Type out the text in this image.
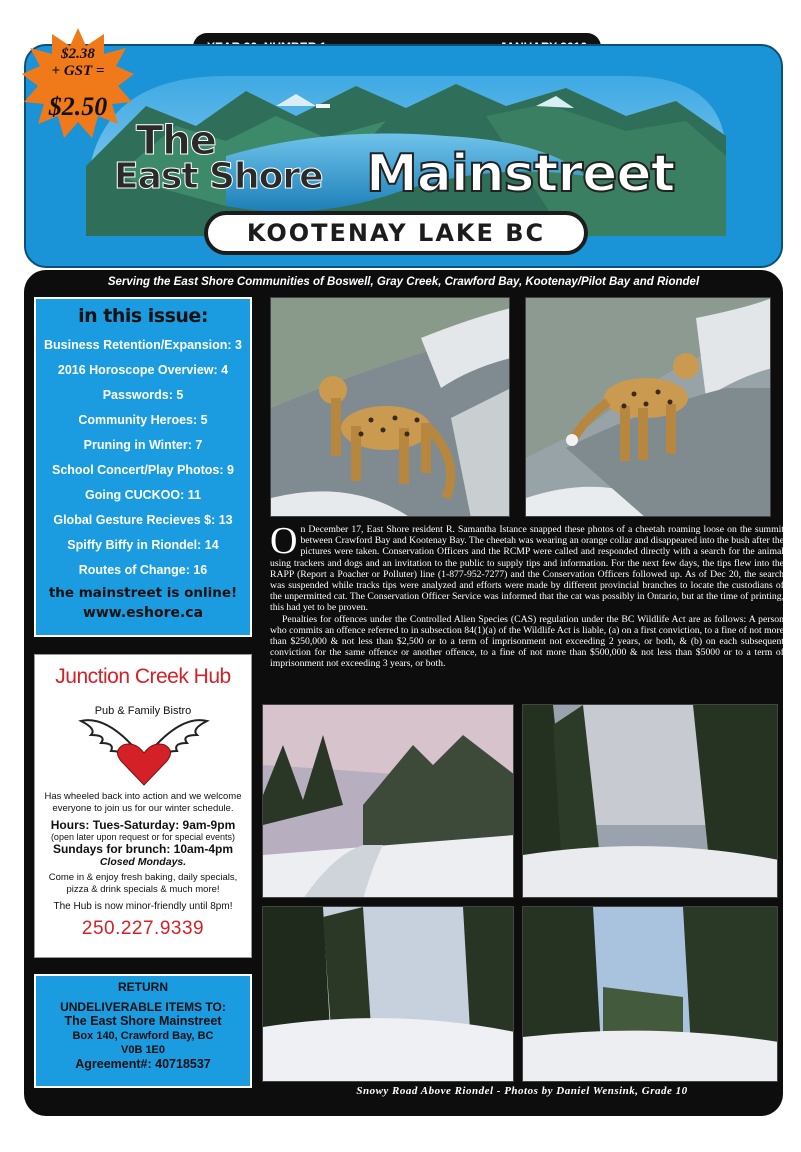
The
East Shore Mainstreet
KOOTENAY LAKE BC
$2.38
+ GST =
$2.50
Serving the East Shore Communities of Boswell, Gray Creek, Crawford Bay, Kootenay/Pilot Bay and Riondel
in this issue:
Business Retention/Expansion: 3
2016 Horoscope Overview: 4
Passwords: 5
Community Heroes: 5
Pruning in Winter: 7
School Concert/Play Photos: 9
Going CUCKOO: 11
Global Gesture Recieves $: 13
Spiffy Biffy in Riondel: 14
Routes of Change: 16
the mainstreet is online!
www.eshore.ca
Junction Creek Hub
Pub & Family Bistro
Has wheeled back into action and we welcome everyone to join us for our winter schedule.
Hours: Tues-Saturday: 9am-9pm
(open later upon request or for special events)
Sundays for brunch: 10am-4pm
Closed Mondays.
Come in & enjoy fresh baking, daily specials, pizza & drink specials & much more!
The Hub is now minor-friendly until 8pm!
250.227.9339
RETURN
UNDELIVERABLE ITEMS TO:
The East Shore Mainstreet
Box 140, Crawford Bay, BC
V0B 1E0
Agreement#: 40718537

On December 17, East Shore resident R. Samantha Istance snapped these photos of a cheetah roaming loose on the summit between Crawford Bay and Kootenay Bay. The cheetah was wearing an orange collar and disappeared into the bush after the pictures were taken. Conservation Officers and the RCMP were called and responded directly with a search for the animal using trackers and dogs and an invitation to the public to supply tips and information. For the next few days, the tips flew into the RAPP (Report a Poacher or Polluter) line (1-877-952-7277) and the Conservation Officers followed up. As of Dec 20, the search was suspended while tracks tips were analyzed and efforts were made by different provincial branches to locate the custodians of the unpermitted cat. The Conservation Officer Service was informed that the cat was possibly in Ontario, but at the time of printing, this had yet to be proven.

Penalties for offences under the Controlled Alien Species (CAS) regulation under the BC Wildlife Act are as follows: A person who commits an offence referred to in subsection 84(1)(a) of the Wildlife Act is liable, (a) on a first conviction, to a fine of not more than $250,000 & not less than $2,500 or to a term of imprisonment not exceeding 2 years, or both, & (b) on each subsequent conviction for the same offence or another offence, to a fine of not more than $500,000 & not less than $5000 or to a term of imprisonment not exceeding 3 years, or both.

Snowy Road Above Riondel - Photos by Daniel Wensink, Grade 10
